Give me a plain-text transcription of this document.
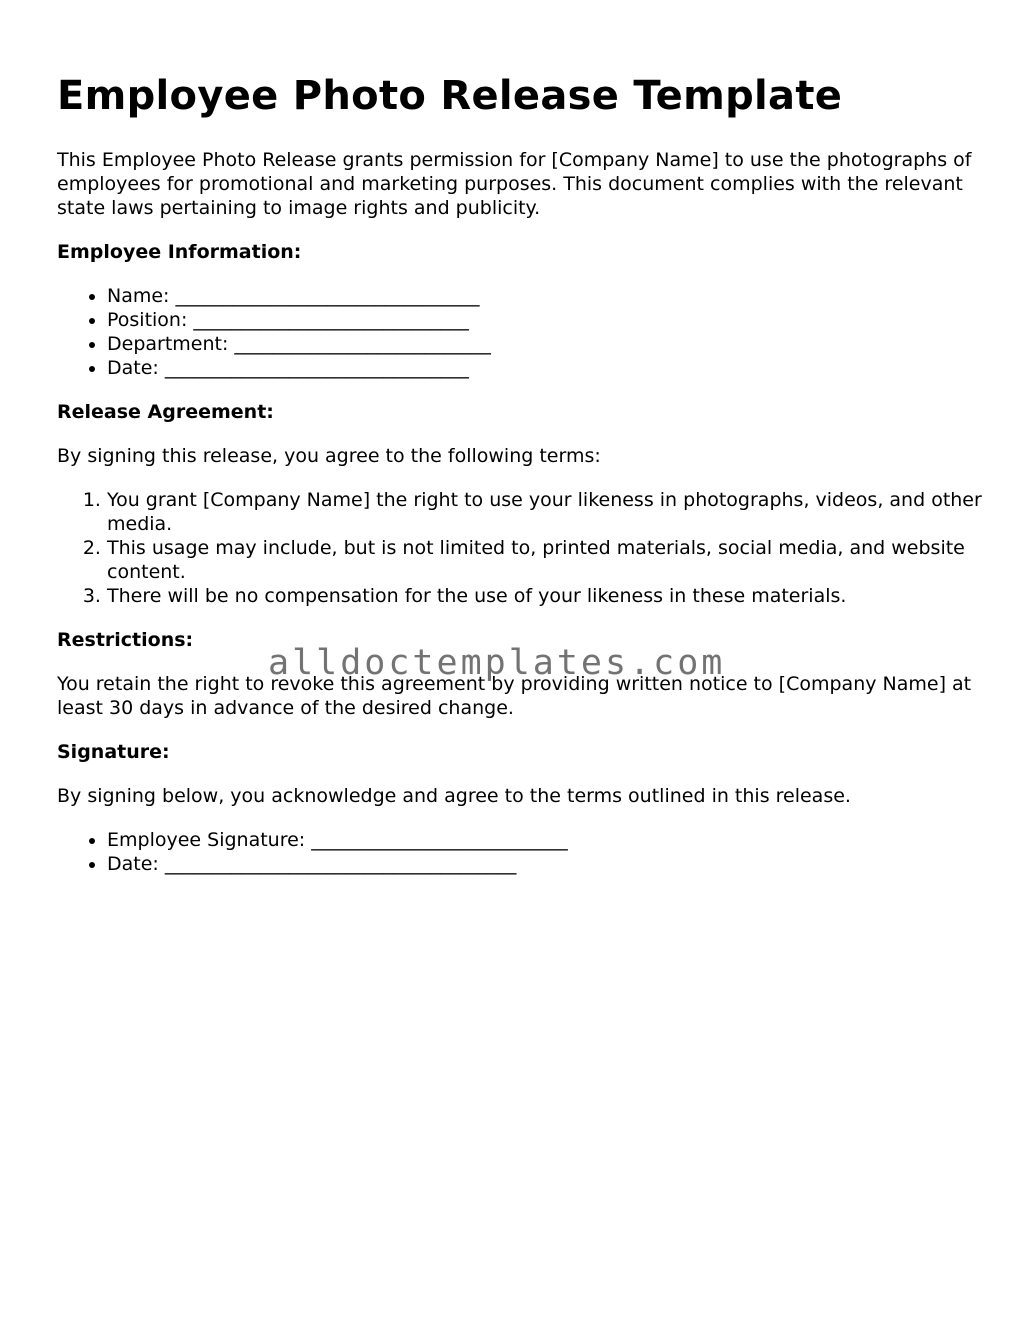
Employee Photo Release Template

This Employee Photo Release grants permission for [Company Name] to use the photographs of employees for promotional and marketing purposes. This document complies with the relevant state laws pertaining to image rights and publicity.

Employee Information:
• Name: ________________________________
• Position: _____________________________
• Department: ___________________________
• Date: ________________________________
Release Agreement:

By signing this release, you agree to the following terms:

1. You grant [Company Name] the right to use your likeness in photographs, videos, and other media.
2. This usage may include, but is not limited to, printed materials, social media, and website content.
3. There will be no compensation for the use of your likeness in these materials.
Restrictions:

You retain the right to revoke this agreement by providing written notice to [Company Name] at least 30 days in advance of the desired change.

Signature:

By signing below, you acknowledge and agree to the terms outlined in this release.

• Employee Signature: ___________________________
• Date: _____________________________________
alldoctemplates.com
